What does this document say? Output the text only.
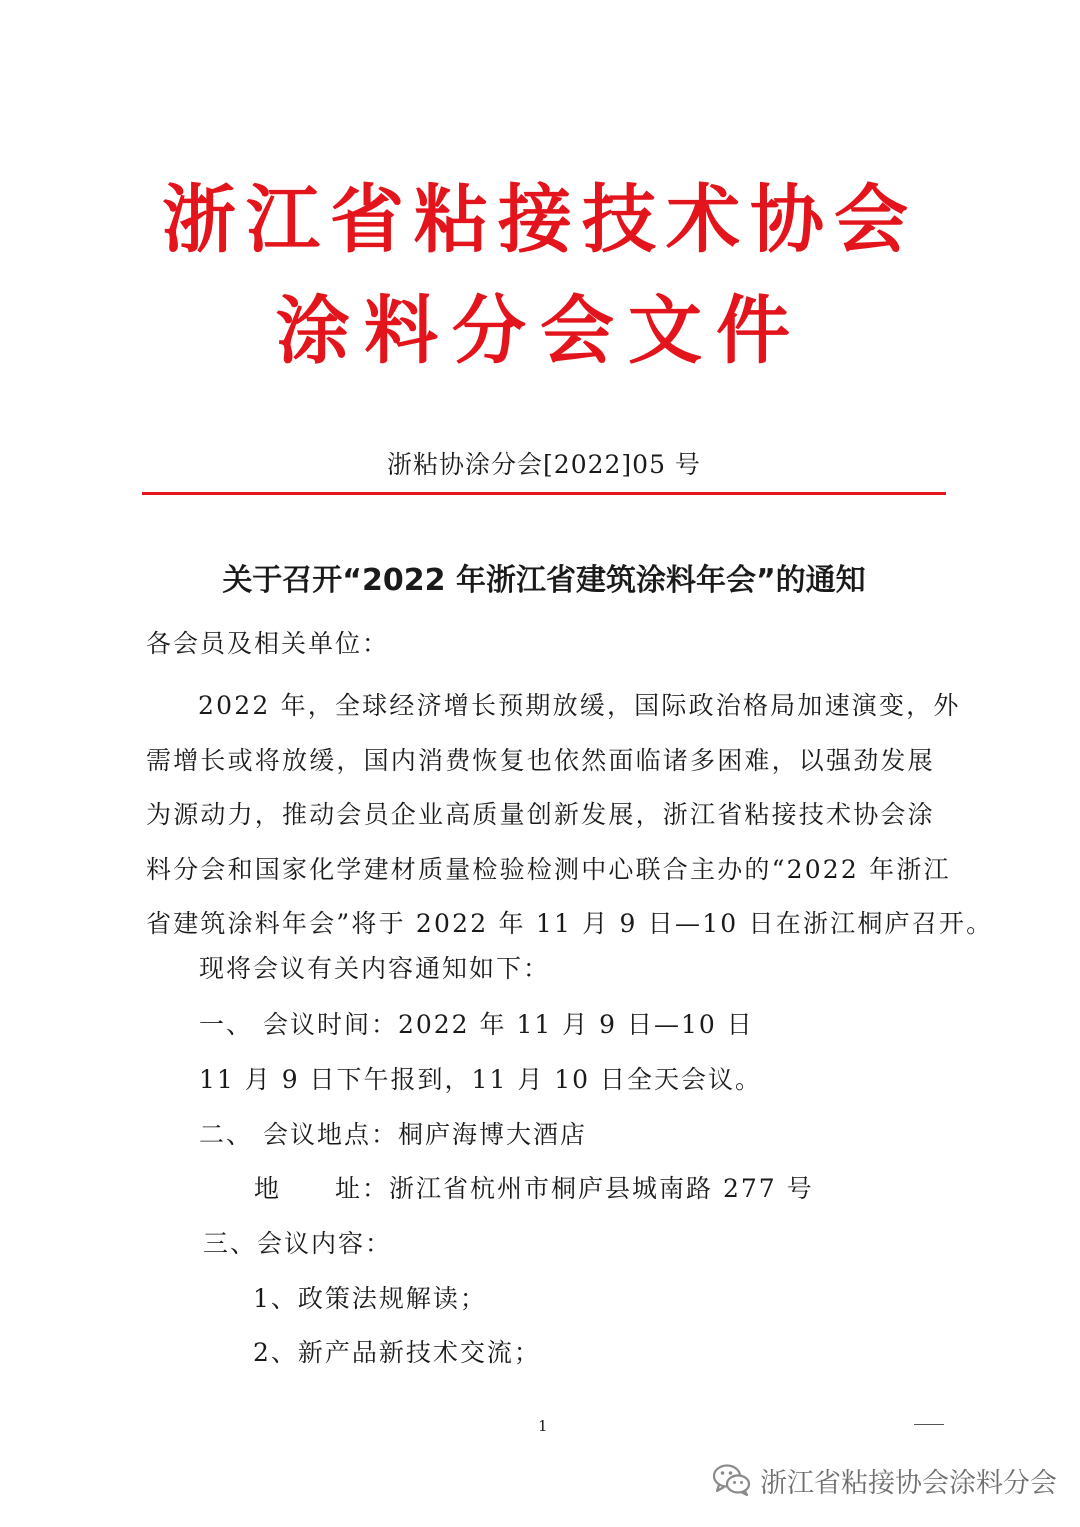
浙江省粘接技术协会
涂料分会文件
浙粘协涂分会[2022]05 号
关于召开“2022 年浙江省建筑涂料年会”的通知
各会员及相关单位：
2022 年，全球经济增长预期放缓，国际政治格局加速演变，外
需增长或将放缓，国内消费恢复也依然面临诸多困难，以强劲发展
为源动力，推动会员企业高质量创新发展，浙江省粘接技术协会涂
料分会和国家化学建材质量检验检测中心联合主办的“2022 年浙江
省建筑涂料年会”将于 2022 年 11 月 9 日—10 日在浙江桐庐召开。
现将会议有关内容通知如下：
一、 会议时间：2022 年 11 月 9 日—10 日
11 月 9 日下午报到，11 月 10 日全天会议。
二、 会议地点：桐庐海博大酒店
地　　址：浙江省杭州市桐庐县城南路 277 号
三、会议内容：
1、政策法规解读；
2、新产品新技术交流；
1
浙江省粘接协会涂料分会
